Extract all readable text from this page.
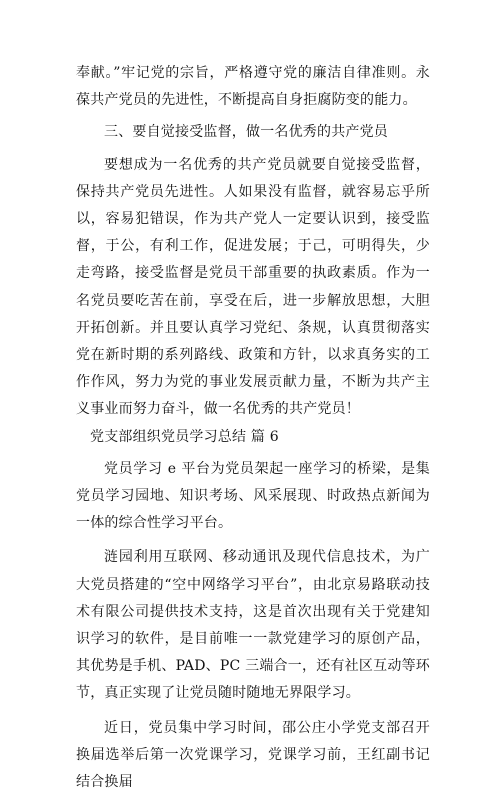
奉献。”牢记党的宗旨，严格遵守党的廉洁自律准则。永葆共产党员的先进性，不断提高自身拒腐防变的能力。

三、要自觉接受监督，做一名优秀的共产党员

要想成为一名优秀的共产党员就要自觉接受监督，保持共产党员先进性。人如果没有监督，就容易忘乎所以，容易犯错误，作为共产党人一定要认识到，接受监督，于公，有利工作，促进发展；于己，可明得失，少走弯路，接受监督是党员干部重要的执政素质。作为一名党员要吃苦在前，享受在后，进一步解放思想，大胆开拓创新。并且要认真学习党纪、条规，认真贯彻落实党在新时期的系列路线、政策和方针，以求真务实的工作作风，努力为党的事业发展贡献力量，不断为共产主义事业而努力奋斗，做一名优秀的共产党员！

党支部组织党员学习总结 篇 6

党员学习 e 平台为党员架起一座学习的桥梁，是集党员学习园地、知识考场、风采展现、时政热点新闻为一体的综合性学习平台。

涟园利用互联网、移动通讯及现代信息技术，为广大党员搭建的“空中网络学习平台”，由北京易路联动技术有限公司提供技术支持，这是首次出现有关于党建知识学习的软件，是目前唯一一款党建学习的原创产品，其优势是手机、PAD、PC 三端合一，还有社区互动等环节，真正实现了让党员随时随地无界限学习。

近日，党员集中学习时间，邵公庄小学党支部召开换届选举后第一次党课学习，党课学习前，王红副书记结合换届
